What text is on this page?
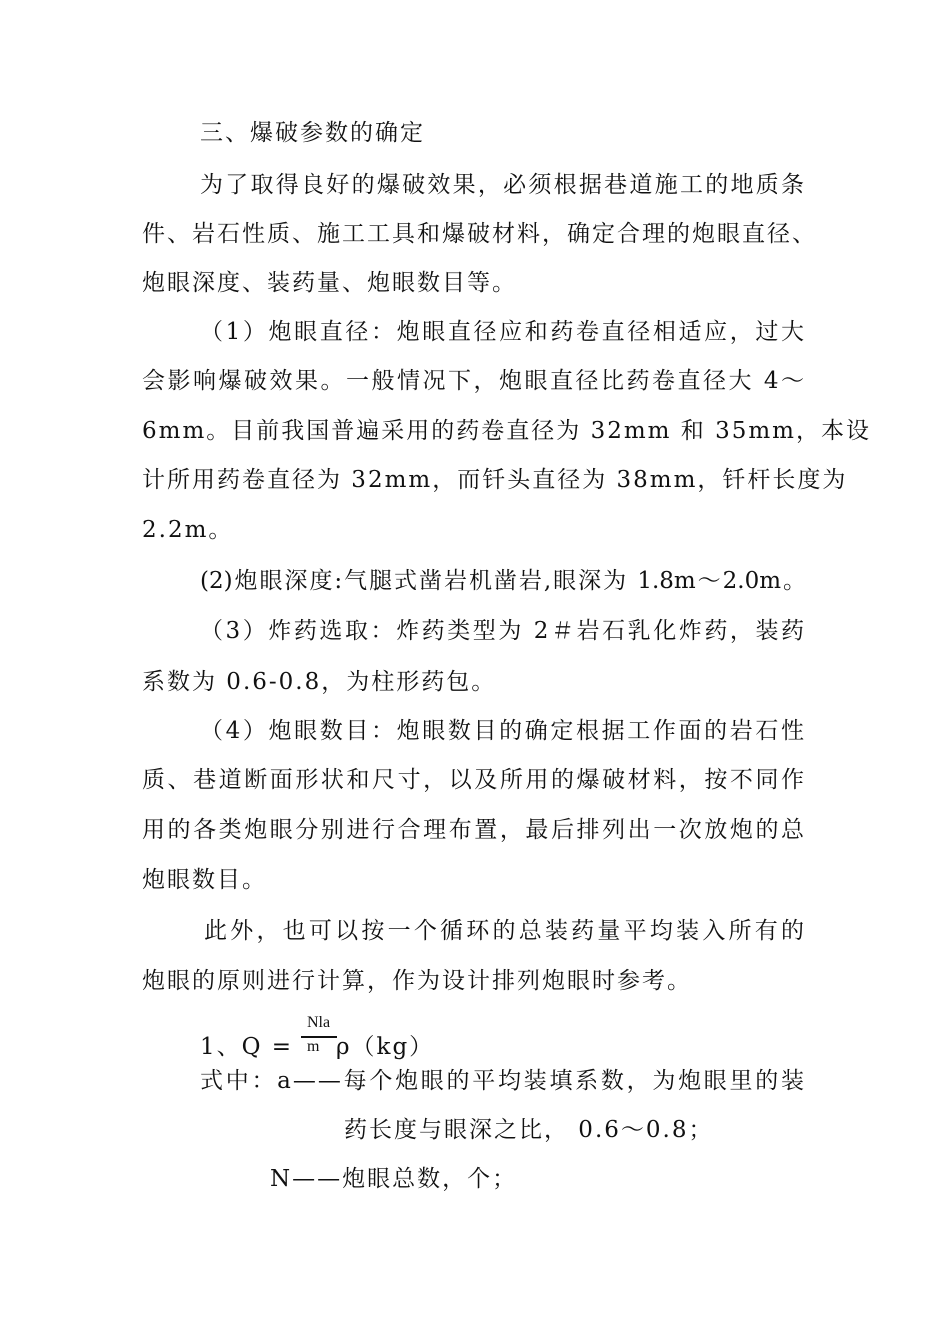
三、爆破参数的确定
为了取得良好的爆破效果，必须根据巷道施工的地质条
件、岩石性质、施工工具和爆破材料，确定合理的炮眼直径、
炮眼深度、装药量、炮眼数目等。
（1）炮眼直径：炮眼直径应和药卷直径相适应，过大
会影响爆破效果。一般情况下，炮眼直径比药卷直径大 4～
6mm。目前我国普遍采用的药卷直径为 32mm 和 35mm，本设
计所用药卷直径为 32mm，而钎头直径为 38mm，钎杆长度为
2.2m。
(2)炮眼深度:气腿式凿岩机凿岩,眼深为 1.8m～2.0m。
（3）炸药选取：炸药类型为 2＃岩石乳化炸药，装药
系数为 0.6-0.8，为柱形药包。
（4）炮眼数目：炮眼数目的确定根据工作面的岩石性
质、巷道断面形状和尺寸，以及所用的爆破材料，按不同作
用的各类炮眼分别进行合理布置，最后排列出一次放炮的总
炮眼数目。
此外，也可以按一个循环的总装药量平均装入所有的
炮眼的原则进行计算，作为设计排列炮眼时参考。
1、Q =
Nla
m ρ（kg）
式中：a——每个炮眼的平均装填系数，为炮眼里的装
药长度与眼深之比， 0.6～0.8；
N——炮眼总数，个；
